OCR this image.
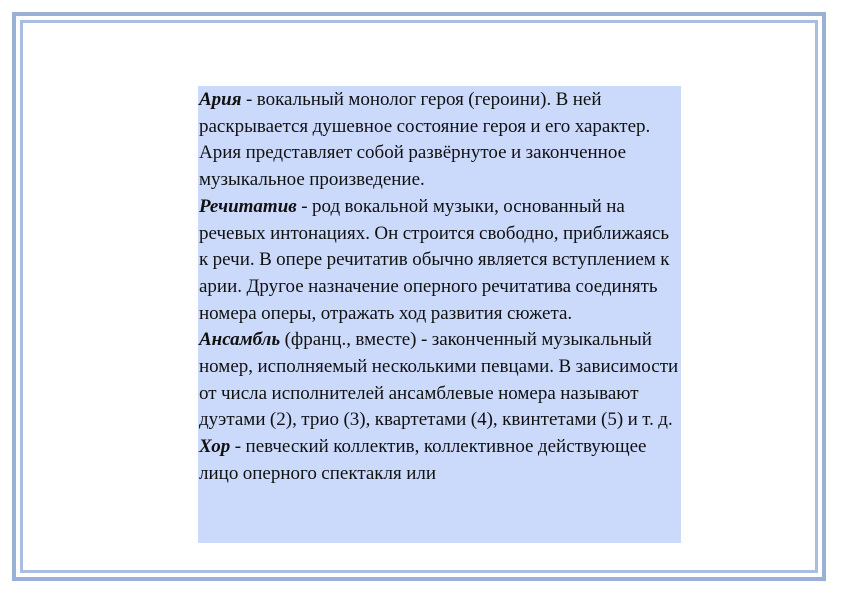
Ария - вокальный монолог героя (героини). В ней раскрывается душевное состояние героя и его характер. Ария представляет собой развёрнутое и законченное музыкальное произведение.

Речитатив - род вокальной музыки, основанный на речевых интонациях. Он строится свободно, приближаясь к речи. В опере речитатив обычно является вступлением к арии. Другое назначение оперного речитатива соединять номера оперы, отражать ход развития сюжета.

Ансамбль (франц., вместе) - законченный музыкальный номер, исполняемый несколькими певцами. В зависимости от числа исполнителей ансамблевые номера называют дуэтами (2), трио (3), квартетами (4), квинтетами (5) и т. д.

Хор - певческий коллектив, коллективное действующее лицо оперного спектакля или
